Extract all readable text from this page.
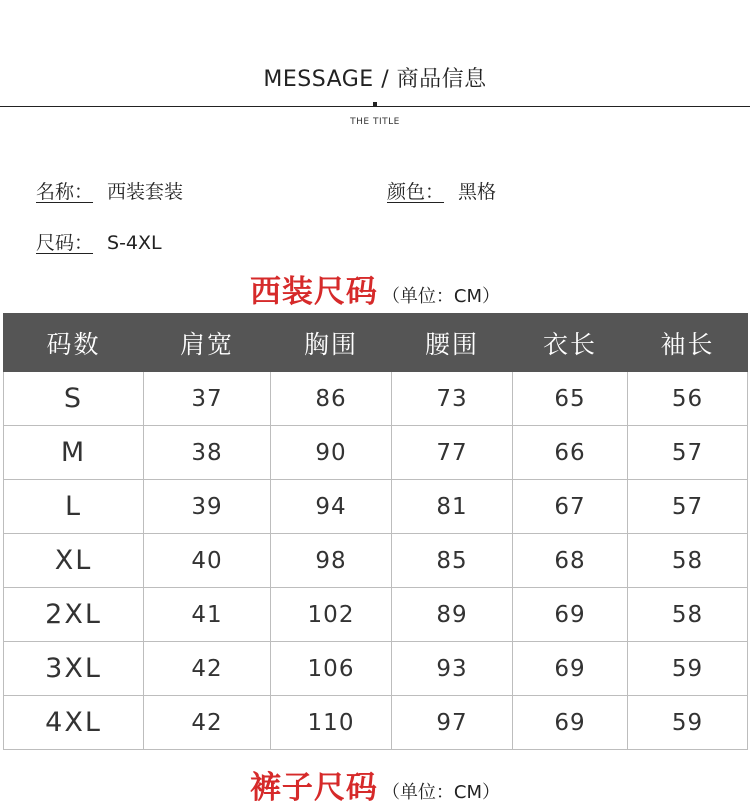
MESSAGE / 商品信息
THE TITLE
名称： 西装套装	颜色： 黑格
尺码： S-4XL
西装尺码 （单位：CM）
码数	肩宽	胸围	腰围	衣长	袖长
S	37	86	73	65	56
M	38	90	77	66	57
L	39	94	81	67	57
XL	40	98	85	68	58
2XL	41	102	89	69	58
3XL	42	106	93	69	59
4XL	42	110	97	69	59
裤子尺码 （单位：CM）
